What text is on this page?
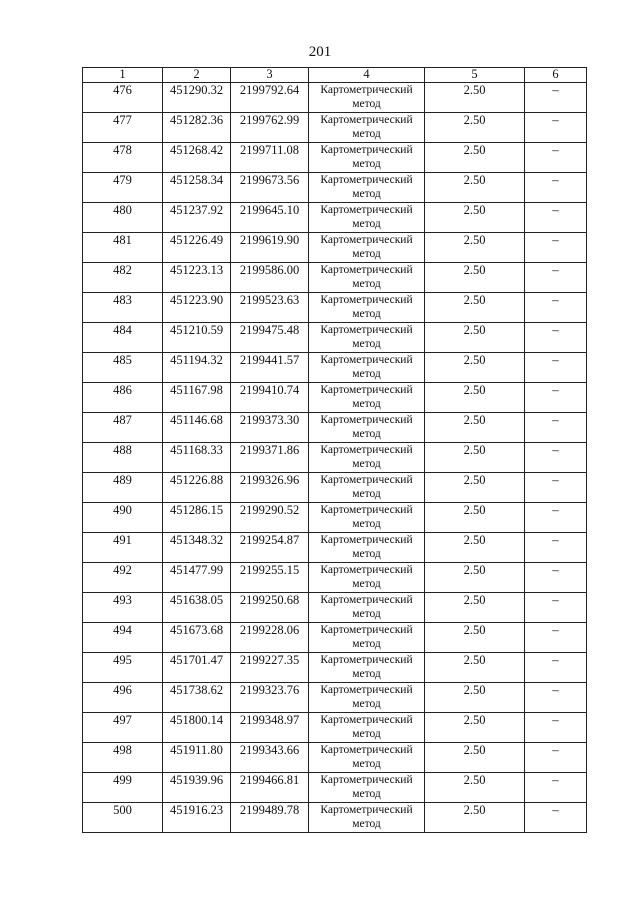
201
1	2	3	4	5	6
476	451290.32	2199792.64	Картометрический метод	2.50	–
477	451282.36	2199762.99	Картометрический метод	2.50	–
478	451268.42	2199711.08	Картометрический метод	2.50	–
479	451258.34	2199673.56	Картометрический метод	2.50	–
480	451237.92	2199645.10	Картометрический метод	2.50	–
481	451226.49	2199619.90	Картометрический метод	2.50	–
482	451223.13	2199586.00	Картометрический метод	2.50	–
483	451223.90	2199523.63	Картометрический метод	2.50	–
484	451210.59	2199475.48	Картометрический метод	2.50	–
485	451194.32	2199441.57	Картометрический метод	2.50	–
486	451167.98	2199410.74	Картометрический метод	2.50	–
487	451146.68	2199373.30	Картометрический метод	2.50	–
488	451168.33	2199371.86	Картометрический метод	2.50	–
489	451226.88	2199326.96	Картометрический метод	2.50	–
490	451286.15	2199290.52	Картометрический метод	2.50	–
491	451348.32	2199254.87	Картометрический метод	2.50	–
492	451477.99	2199255.15	Картометрический метод	2.50	–
493	451638.05	2199250.68	Картометрический метод	2.50	–
494	451673.68	2199228.06	Картометрический метод	2.50	–
495	451701.47	2199227.35	Картометрический метод	2.50	–
496	451738.62	2199323.76	Картометрический метод	2.50	–
497	451800.14	2199348.97	Картометрический метод	2.50	–
498	451911.80	2199343.66	Картометрический метод	2.50	–
499	451939.96	2199466.81	Картометрический метод	2.50	–
500	451916.23	2199489.78	Картометрический метод	2.50	–
